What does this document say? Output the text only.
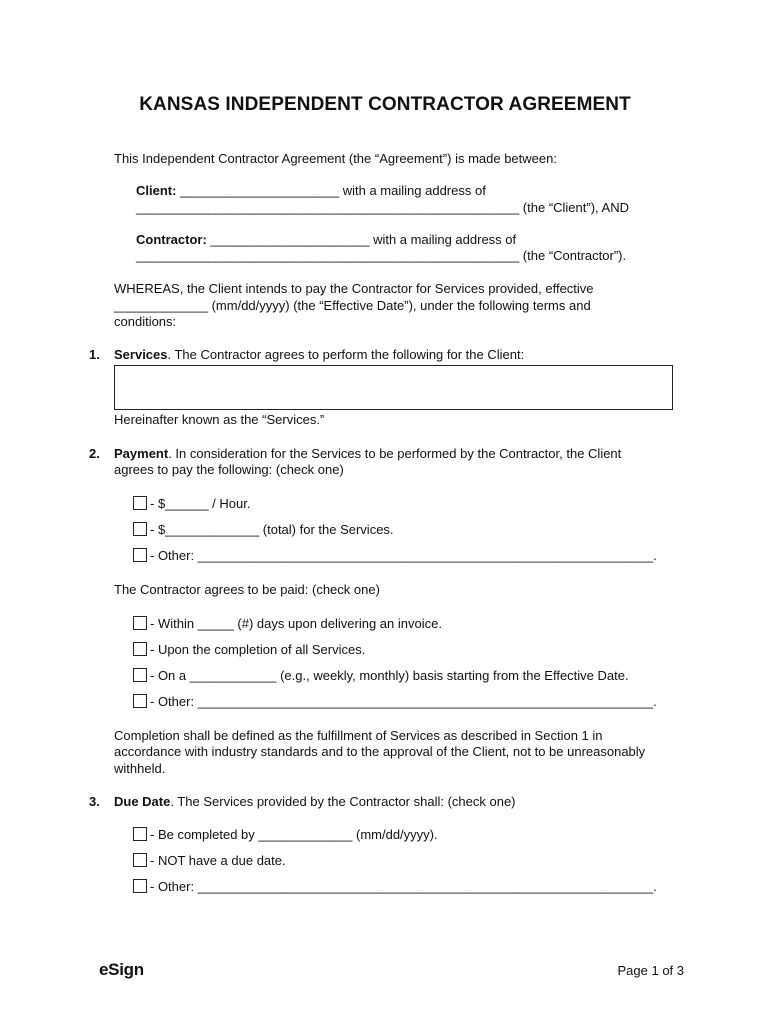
KANSAS INDEPENDENT CONTRACTOR AGREEMENT
This Independent Contractor Agreement (the “Agreement”) is made between:
Client: ______________________ with a mailing address of
_____________________________________________________ (the “Client”), AND
Contractor: ______________________ with a mailing address of
_____________________________________________________ (the “Contractor”).
WHEREAS, the Client intends to pay the Contractor for Services provided, effective
_____________ (mm/dd/yyyy) (the “Effective Date”), under the following terms and
conditions:
1. Services. The Contractor agrees to perform the following for the Client:
Hereinafter known as the “Services.”
2. Payment. In consideration for the Services to be performed by the Contractor, the Client
agrees to pay the following: (check one)
- $______ / Hour.
- $_____________ (total) for the Services.
- Other: _______________________________________________________________.
The Contractor agrees to be paid: (check one)
- Within _____ (#) days upon delivering an invoice.
- Upon the completion of all Services.
- On a ____________ (e.g., weekly, monthly) basis starting from the Effective Date.
- Other: _______________________________________________________________.
Completion shall be defined as the fulfillment of Services as described in Section 1 in
accordance with industry standards and to the approval of the Client, not to be unreasonably
withheld.
3. Due Date. The Services provided by the Contractor shall: (check one)
- Be completed by _____________ (mm/dd/yyyy).
- NOT have a due date.
- Other: _______________________________________________________________.
eSign	Page 1 of 3
